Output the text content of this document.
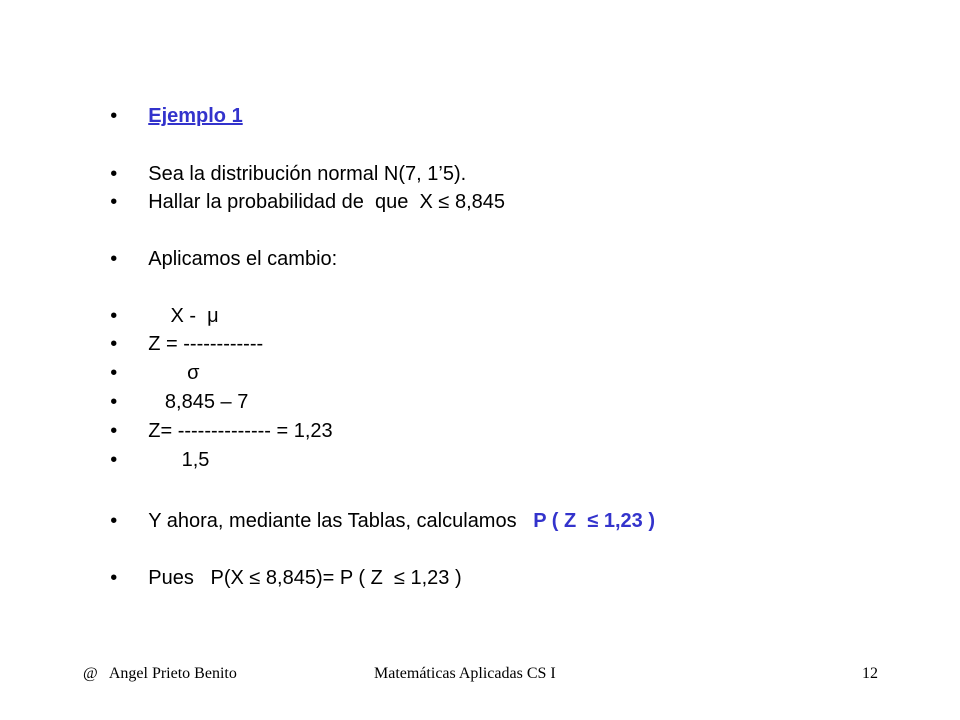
• Ejemplo 1

• Sea la distribución normal N(7, 1’5).

• Hallar la probabilidad de  que  X ≤ 8,845

• Aplicamos el cambio:

•    X -  μ

• Z = ------------

•       σ

•   8,845 – 7

• Z= -------------- = 1,23

•      1,5

• Y ahora, mediante las Tablas, calculamos   P ( Z  ≤ 1,23 )

• Pues   P(X ≤ 8,845)= P ( Z  ≤ 1,23 )

@   Angel Prieto Benito	Matemáticas Aplicadas CS I	12
